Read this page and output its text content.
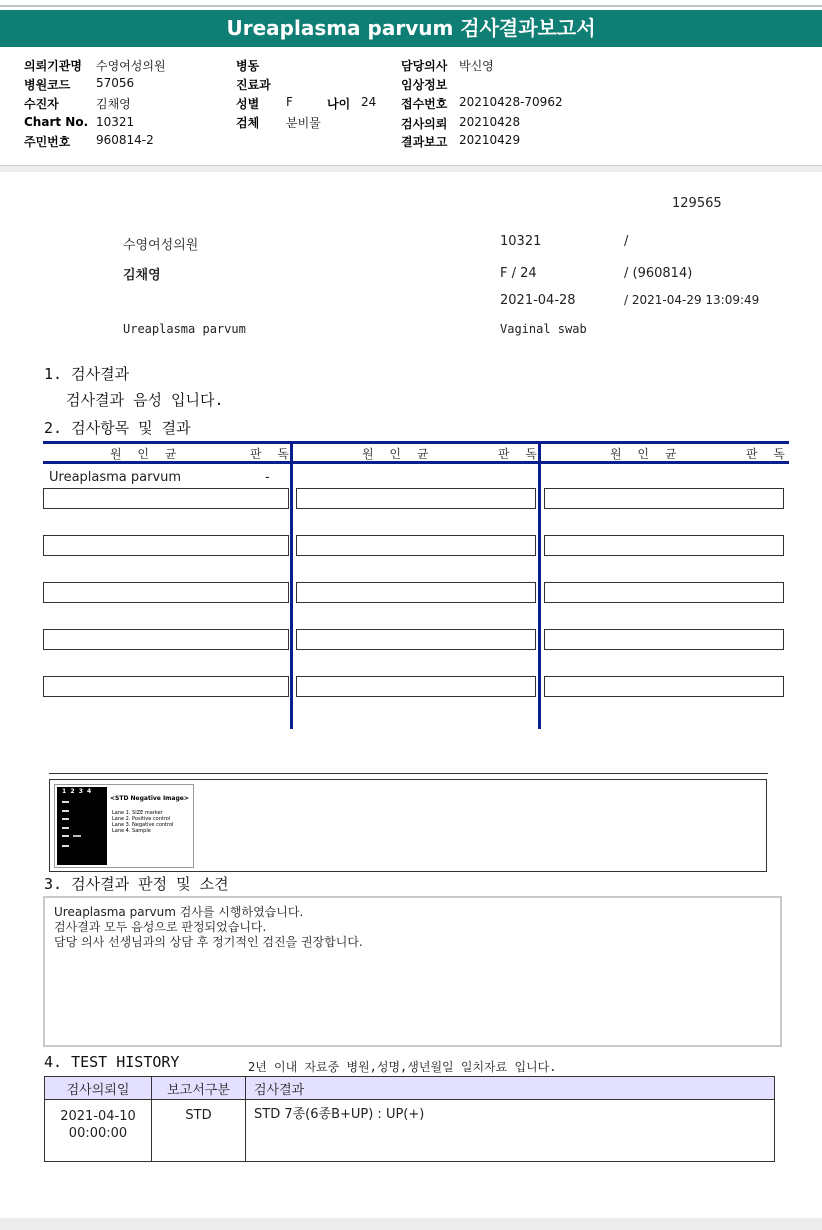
Ureaplasma parvum 검사결과보고서
의뢰기관명 수영여성의원
병원코드 57056
수진자	김채영
Chart No. 10321
주민번호 960814-2
병동
진료과
성별 F	나이 24
검체 분비물
담당의사 박신영
임상정보
접수번호 20210428-70962
검사의뢰 20210428
결과보고 20210429
129565
수영여성의원	10321	/
김채영	F / 24	/ (960814)
2021-04-28	/ 2021-04-29 13:09:49
Ureaplasma parvum	Vaginal swab
1. 검사결과
검사결과 음성 입니다.
2. 검사항목 및 결과
원 인 균	판 독	원 인 균	판 독	원 인 균	판 독
Ureaplasma parvum	-
1  2  3  4
<STD Negative Image>
Lane 1. SIZE marker
Lane 2. Positive control
Lane 3. Negative control
Lane 4. Sample
3. 검사결과 판정 및 소견
Ureaplasma parvum 검사를 시행하였습니다.
검사결과 모두 음성으로 판정되었습니다.
담당 의사 선생님과의 상담 후 정기적인 검진을 권장합니다.
4. TEST HISTORY	2년 이내 자료중 병원,성명,생년월일 일치자료 입니다.
검사의뢰일	보고서구분	검사결과

2021-04-10
00:00:00	STD	STD 7종(6종B+UP) : UP(+)
